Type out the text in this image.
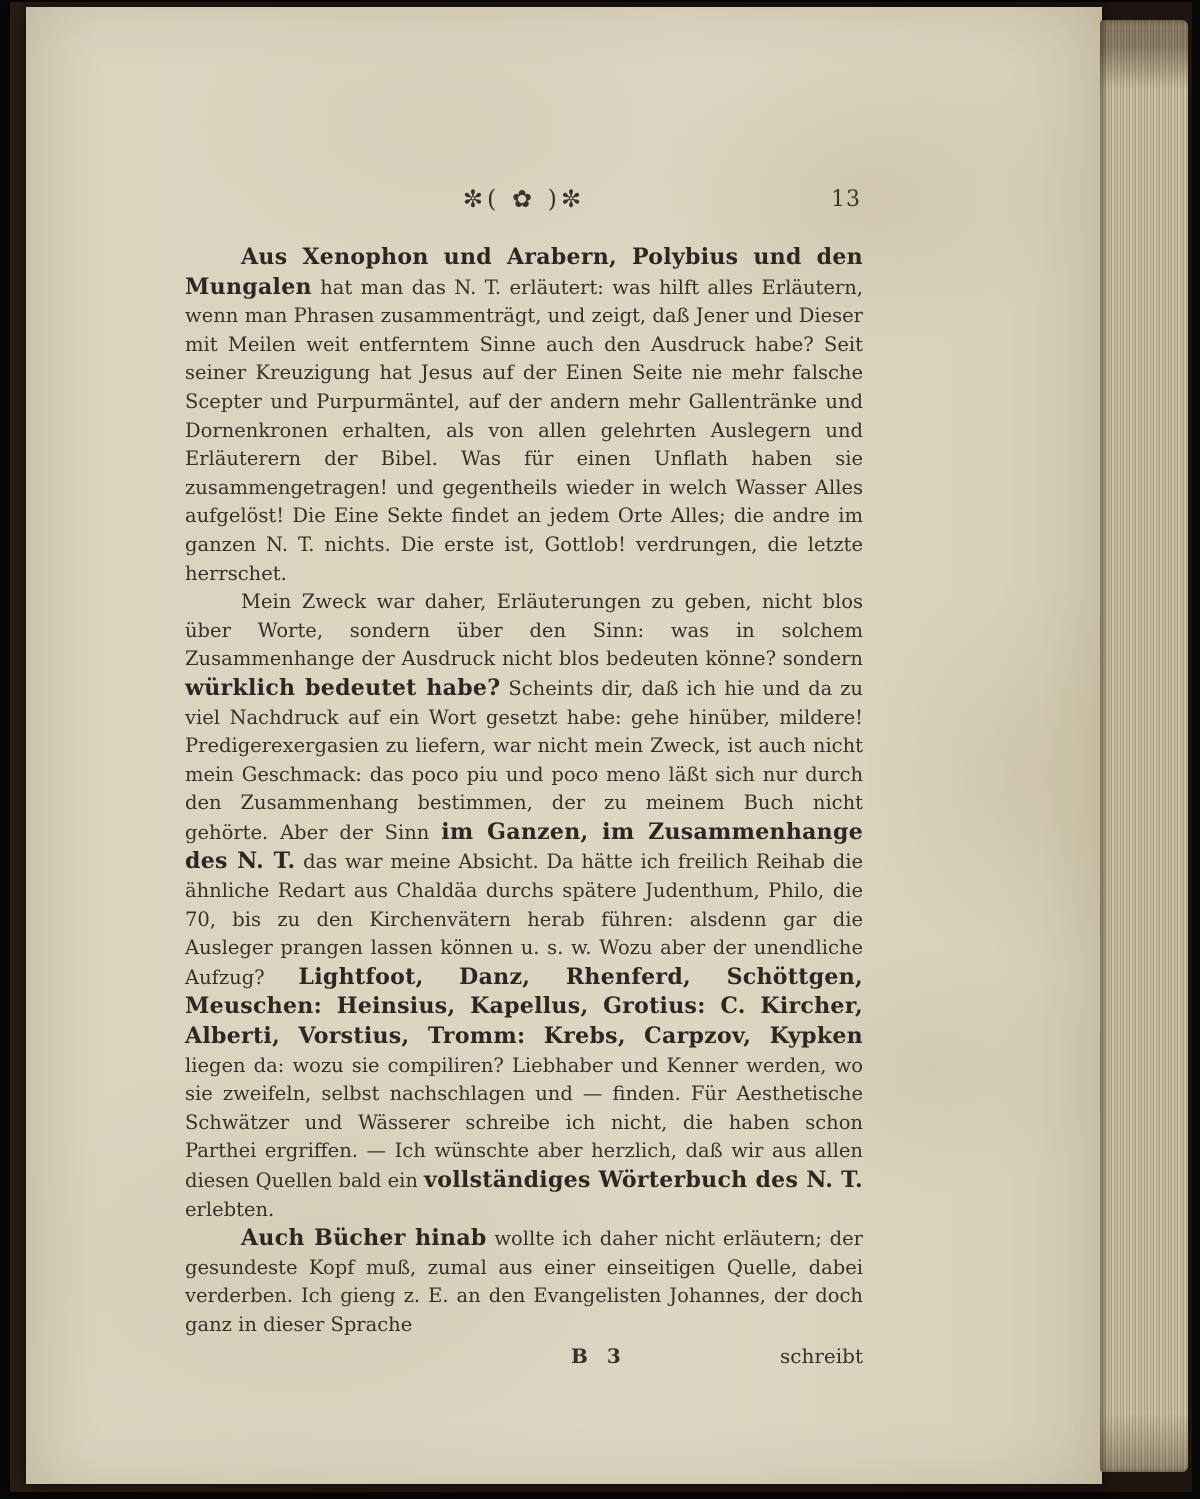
✼( ✿ )✼	13

Aus Xenophon und Arabern, Polybius und den Mungalen hat man das N. T. erläutert: was hilft alles Erläutern, wenn man Phrasen zusammenträgt, und zeigt, daß Jener und Dieser mit Meilen weit entferntem Sinne auch den Ausdruck habe? Seit seiner Kreuzigung hat Jesus auf der Einen Seite nie mehr falsche Scepter und Purpurmäntel, auf der andern mehr Gallentränke und Dornenkronen erhalten, als von allen gelehrten Auslegern und Erläuterern der Bibel. Was für einen Unflath haben sie zusammengetragen! und gegentheils wieder in welch Wasser Alles aufgelöst! Die Eine Sekte findet an jedem Orte Alles; die andre im ganzen N. T. nichts. Die erste ist, Gottlob! verdrungen, die letzte herrschet.

Mein Zweck war daher, Erläuterungen zu geben, nicht blos über Worte, sondern über den Sinn: was in solchem Zusammenhange der Ausdruck nicht blos bedeuten könne? sondern würklich bedeutet habe? Scheints dir, daß ich hie und da zu viel Nachdruck auf ein Wort gesetzt habe: gehe hinüber, mildere! Predigerexergasien zu liefern, war nicht mein Zweck, ist auch nicht mein Geschmack: das poco piu und poco meno läßt sich nur durch den Zusammenhang bestimmen, der zu meinem Buch nicht gehörte. Aber der Sinn im Ganzen, im Zusammenhange des N. T. das war meine Absicht. Da hätte ich freilich Reihab die ähnliche Redart aus Chaldäa durchs spätere Judenthum, Philo, die 70, bis zu den Kirchenvätern herab führen: alsdenn gar die Ausleger prangen lassen können u. s. w. Wozu aber der unendliche Aufzug? Lightfoot, Danz, Rhenferd, Schöttgen, Meuschen: Heinsius, Kapellus, Grotius: C. Kircher, Alberti, Vorstius, Tromm: Krebs, Carpzov, Kypken liegen da: wozu sie compiliren? Liebhaber und Kenner werden, wo sie zweifeln, selbst nachschlagen und — finden. Für Aesthetische Schwätzer und Wässerer schreibe ich nicht, die haben schon Parthei ergriffen. — Ich wünschte aber herzlich, daß wir aus allen diesen Quellen bald ein vollständiges Wörterbuch des N. T. erlebten.

Auch Bücher hinab wollte ich daher nicht erläutern; der gesundeste Kopf muß, zumal aus einer einseitigen Quelle, dabei verderben. Ich gieng z. E. an den Evangelisten Johannes, der doch ganz in dieser Sprache

B 3	schreibt
